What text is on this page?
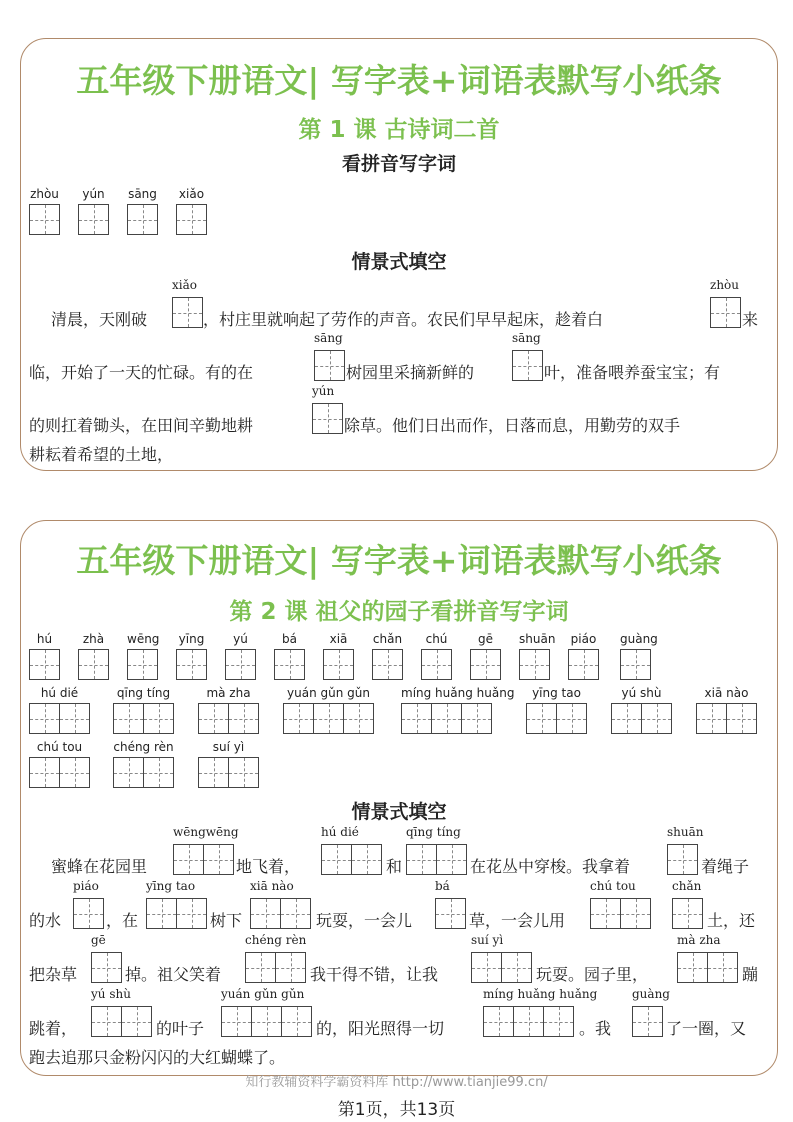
五年级下册语文| 写字表+词语表默写小纸条
第 1 课 古诗词二首
看拼音写字词
zhòu	yún	sāng xiǎo
情景式填空
清晨，天刚破
xiǎo
，村庄里就响起了劳作的声音。农民们早早起床，趁着白
zhòu
来
临，开始了一天的忙碌。有的在
sāng
树园里采摘新鲜的
sāng
叶，准备喂养蚕宝宝；有
的则扛着锄头，在田间辛勤地耕
yún
除草。他们日出而作，日落而息，用勤劳的双手
耕耘着希望的土地，
五年级下册语文| 写字表+词语表默写小纸条
第 2 课 祖父的园子看拼音写字词
hú	zhà	wēng yīng	yú	bá	xiā	chǎn	chú	gē	shuān piáo guàng
hú dié	qīng tíng	mà zha	yuán gǔn gǔn	míng huǎng huǎng	yīng tao	yú shù	xiā nào
chú tou	chéng rèn	suí yì
情景式填空
蜜蜂在花园里
wēngwēng
地飞着，
hú dié
和
qīng tíng
在花丛中穿梭。我拿着
shuān
着绳子
的水
piáo
，在
yīng tao
树下
xiā nào
玩耍，一会儿
bá
草，一会儿用
chú tou	chǎn
土，还
把杂草
gē
掉。祖父笑着
chéng rèn
我干得不错，让我
suí yì
玩耍。园子里，
mà zha
蹦
跳着，
yú shù
的叶子
yuán gǔn gǔn
的，阳光照得一切
míng huǎng huǎng
。我
guàng
了一圈，又
跑去追那只金粉闪闪的大红蝴蝶了。
知行教辅资料学霸资料库 http://www.tianjie99.cn/
第1页，共13页
